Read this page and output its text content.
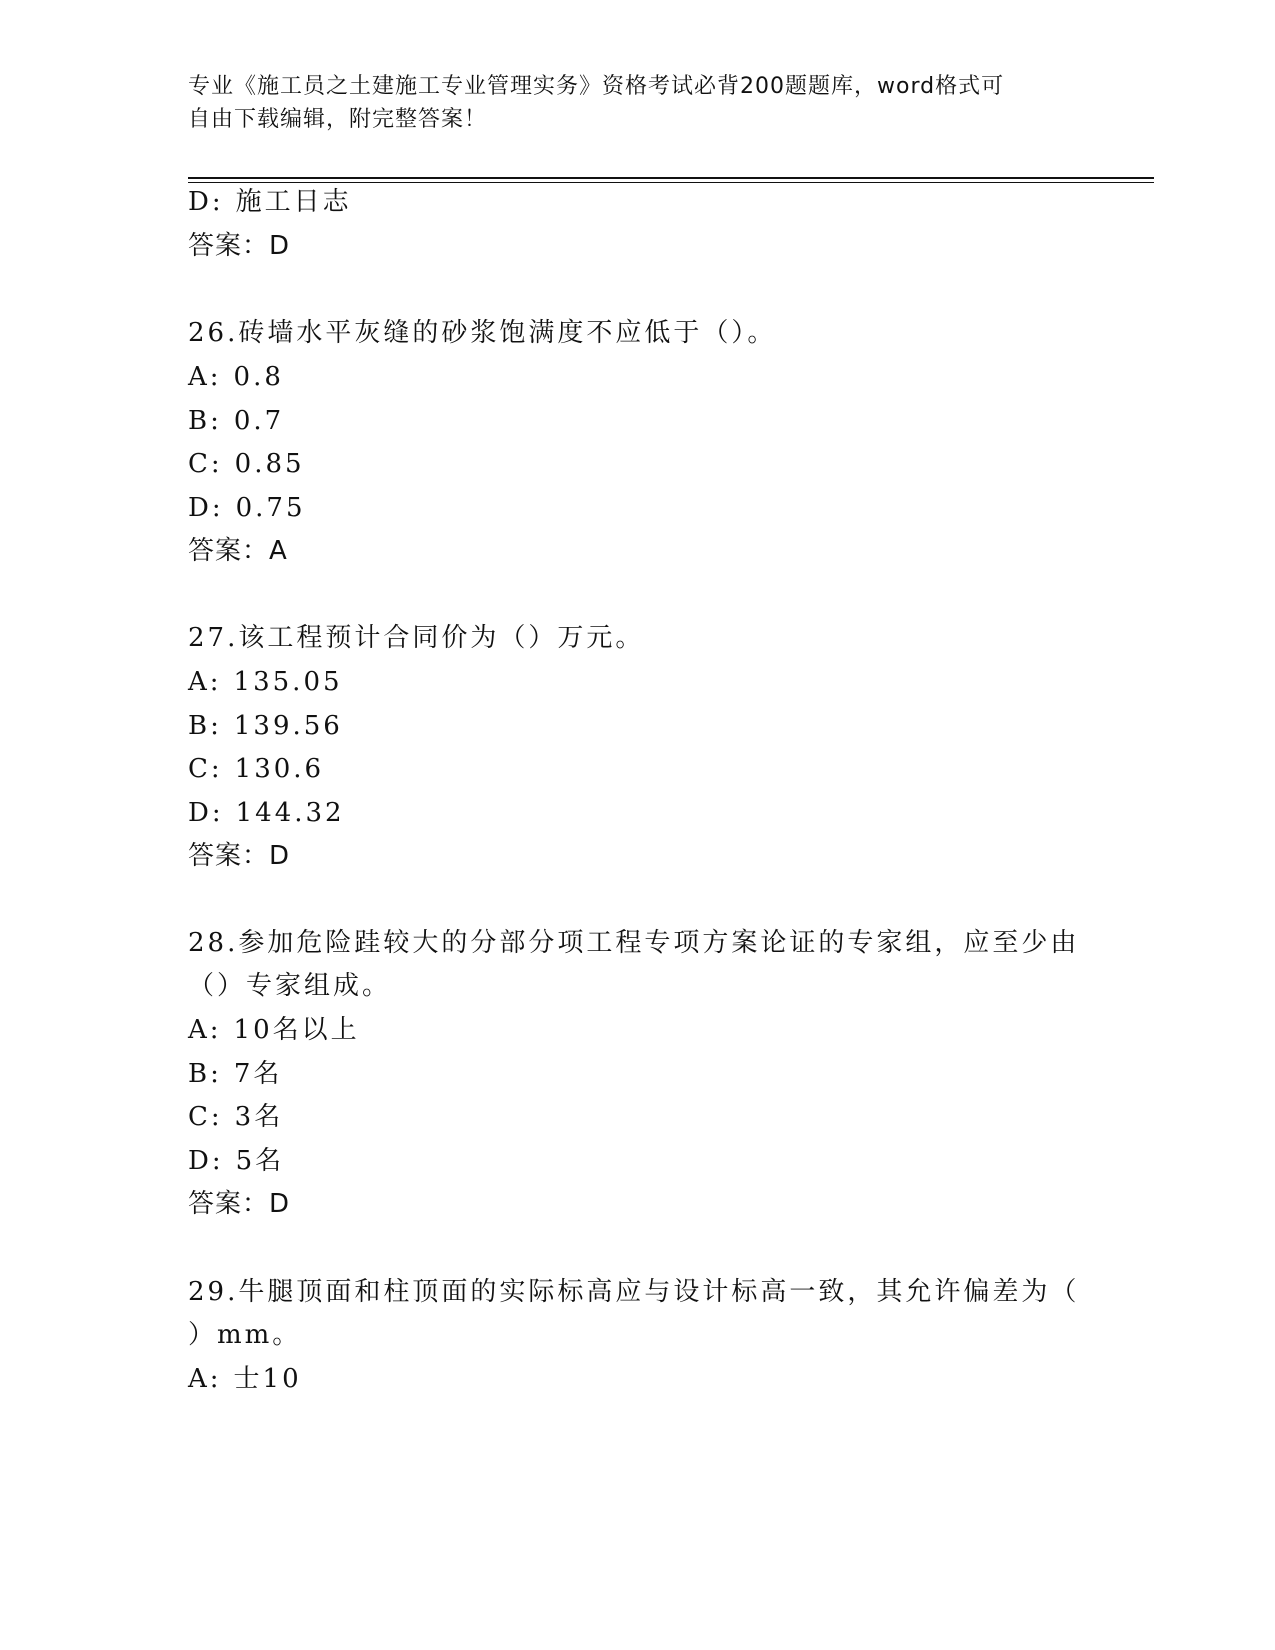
专业《施工员之土建施工专业管理实务》资格考试必背200题题库，word格式可
自由下载编辑，附完整答案！
D: 施工日志
答案：D
26.砖墙水平灰缝的砂浆饱满度不应低于（）。
A: 0.8
B: 0.7
C: 0.85
D: 0.75
答案：A
27.该工程预计合同价为（）万元。
A: 135.05
B: 139.56
C: 130.6
D: 144.32
答案：D
28.参加危险跬较大的分部分项工程专项方案论证的专家组，应至少由
（）专家组成。
A: 10名以上
B: 7名
C: 3名
D: 5名
答案：D
29.牛腿顶面和柱顶面的实际标高应与设计标高一致，其允许偏差为（
）mm。
A: 士10
